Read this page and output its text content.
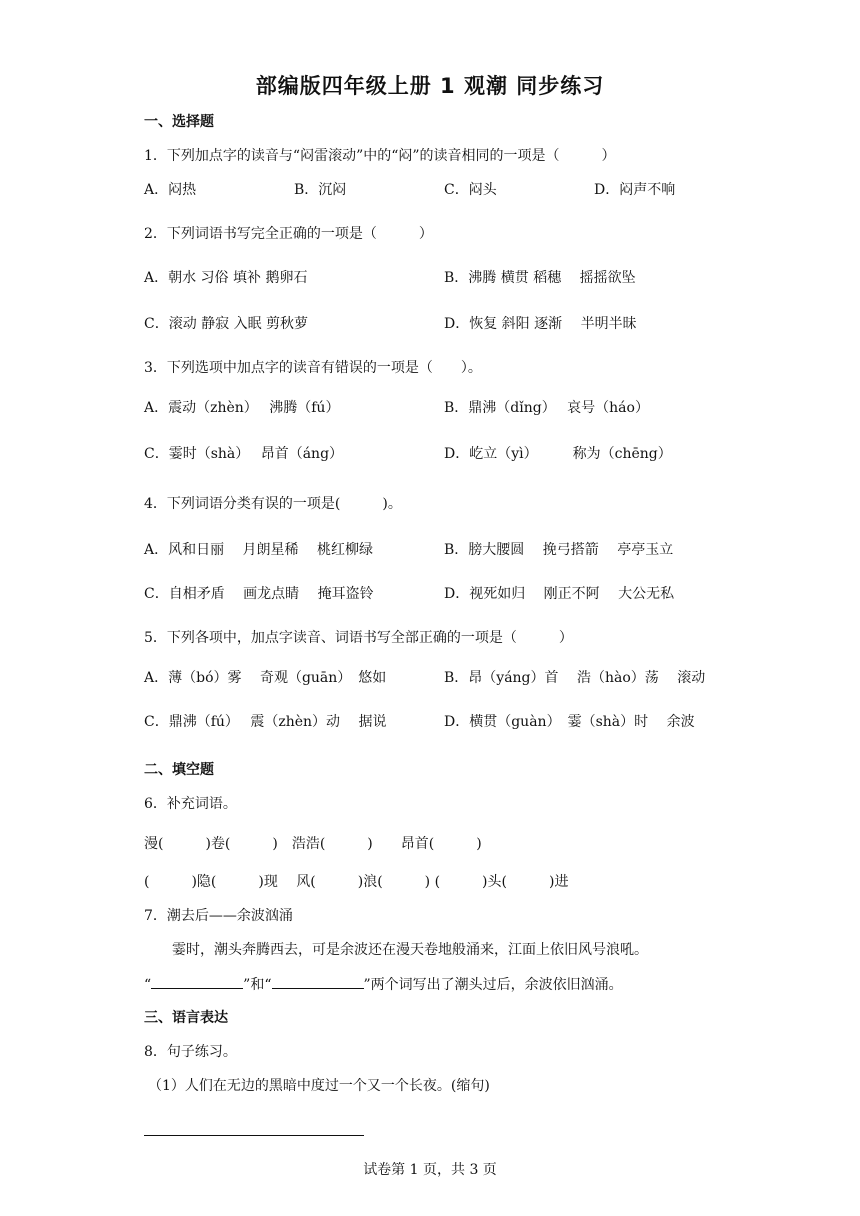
部编版四年级上册 1 观潮 同步练习
一、选择题
1．下列加点字的读音与“闷雷滚动”中的“闷”的读音相同的一项是（　　　）
A．闷热	B．沉闷	C．闷头	D．闷声不响
2．下列词语书写完全正确的一项是（　　　）
A．朝水 习俗 填补 鹅卵石	B．沸腾 横贯 稻穗　 摇摇欲坠
C．滚动 静寂 入眠 剪秋萝	D．恢复 斜阳 逐渐　 半明半昧
3．下列选项中加点字的读音有错误的一项是（　　）。
A．震动（zhèn）　 沸腾（fú）	B．鼎沸（dǐng）　 哀号（háo）
C．霎时（shà）　 昂首（áng）	D．屹立（yì）　　　称为（chēng）
4．下列词语分类有误的一项是(　　　)。
A．风和日丽　 月朗星稀　 桃红柳绿	B．膀大腰圆　 挽弓搭箭　 亭亭玉立
C．自相矛盾　 画龙点睛　 掩耳盗铃	D．视死如归　 刚正不阿　 大公无私
5．下列各项中，加点字读音、词语书写全部正确的一项是（　　　）
A．薄（bó）雾　 奇观（guān）　悠如	B．昂（yáng）首　 浩（hào）荡　 滚动
C．鼎沸（fú）　 震（zhèn）动　 据说	D．横贯（guàn）　霎（shà）时　 余波
二、填空题
6．补充词语。
漫(　　　)卷(　　　)　浩浩(　　　)　　昂首(　　　)
(　　　)隐(　　　)现　 风(　　　)浪(　　　) (　　　)头(　　　)进
7．潮去后——余波汹涌
霎时，潮头奔腾西去，可是余波还在漫天卷地般涌来，江面上依旧风号浪吼。
“	”和“	”两个词写出了潮头过后，余波依旧汹涌。
三、语言表达
8．句子练习。
（1）人们在无边的黑暗中度过一个又一个长夜。(缩句)
试卷第 1 页，共 3 页
